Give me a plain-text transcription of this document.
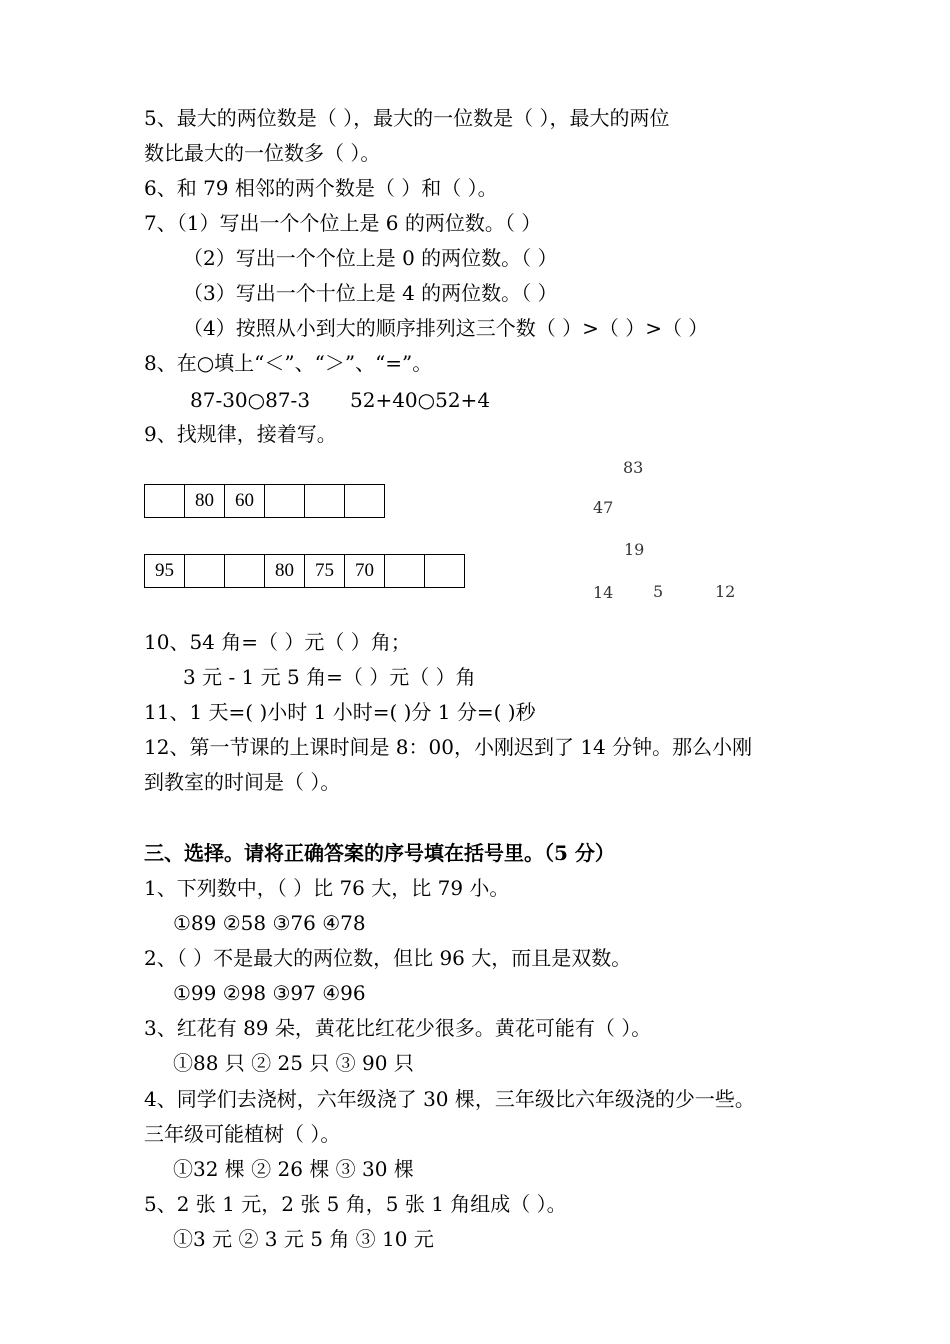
5、最大的两位数是（ ），最大的一位数是（ ），最大的两位
数比最大的一位数多（ ）。
6、和 79 相邻的两个数是（ ）和（ ）。
7、（1）写出一个个位上是 6 的两位数。（ ）
（2）写出一个个位上是 0 的两位数。（ ）
（3）写出一个十位上是 4 的两位数。（ ）
（4）按照从小到大的顺序排列这三个数（ ）>（ ）>（ ）
8、在○填上“＜”、“＞”、“=”。
87-30○87-3 52+40○52+4
9、找规律，接着写。
	80	60			
95			80	75	70		
83
47
19
14 5	12
10、54 角=（ ）元（ ）角；
3 元 - 1 元 5 角=（ ）元（ ）角
11、1 天=( )小时 1 小时=( )分 1 分=( )秒
12、第一节课的上课时间是 8：00，小刚迟到了 14 分钟。那么小刚
到教室的时间是（ ）。
三、选择。请将正确答案的序号填在括号里。（5 分）
1、下列数中，（ ）比 76 大，比 79 小。
①89 ②58 ③76 ④78
2、（ ）不是最大的两位数，但比 96 大，而且是双数。
①99 ②98 ③97 ④96
3、红花有 89 朵，黄花比红花少很多。黄花可能有（ ）。
①88 只 ② 25 只 ③ 90 只
4、同学们去浇树，六年级浇了 30 棵，三年级比六年级浇的少一些。
三年级可能植树（ ）。
①32 棵 ② 26 棵 ③ 30 棵
5、2 张 1 元，2 张 5 角，5 张 1 角组成（ ）。
①3 元 ② 3 元 5 角 ③ 10 元
